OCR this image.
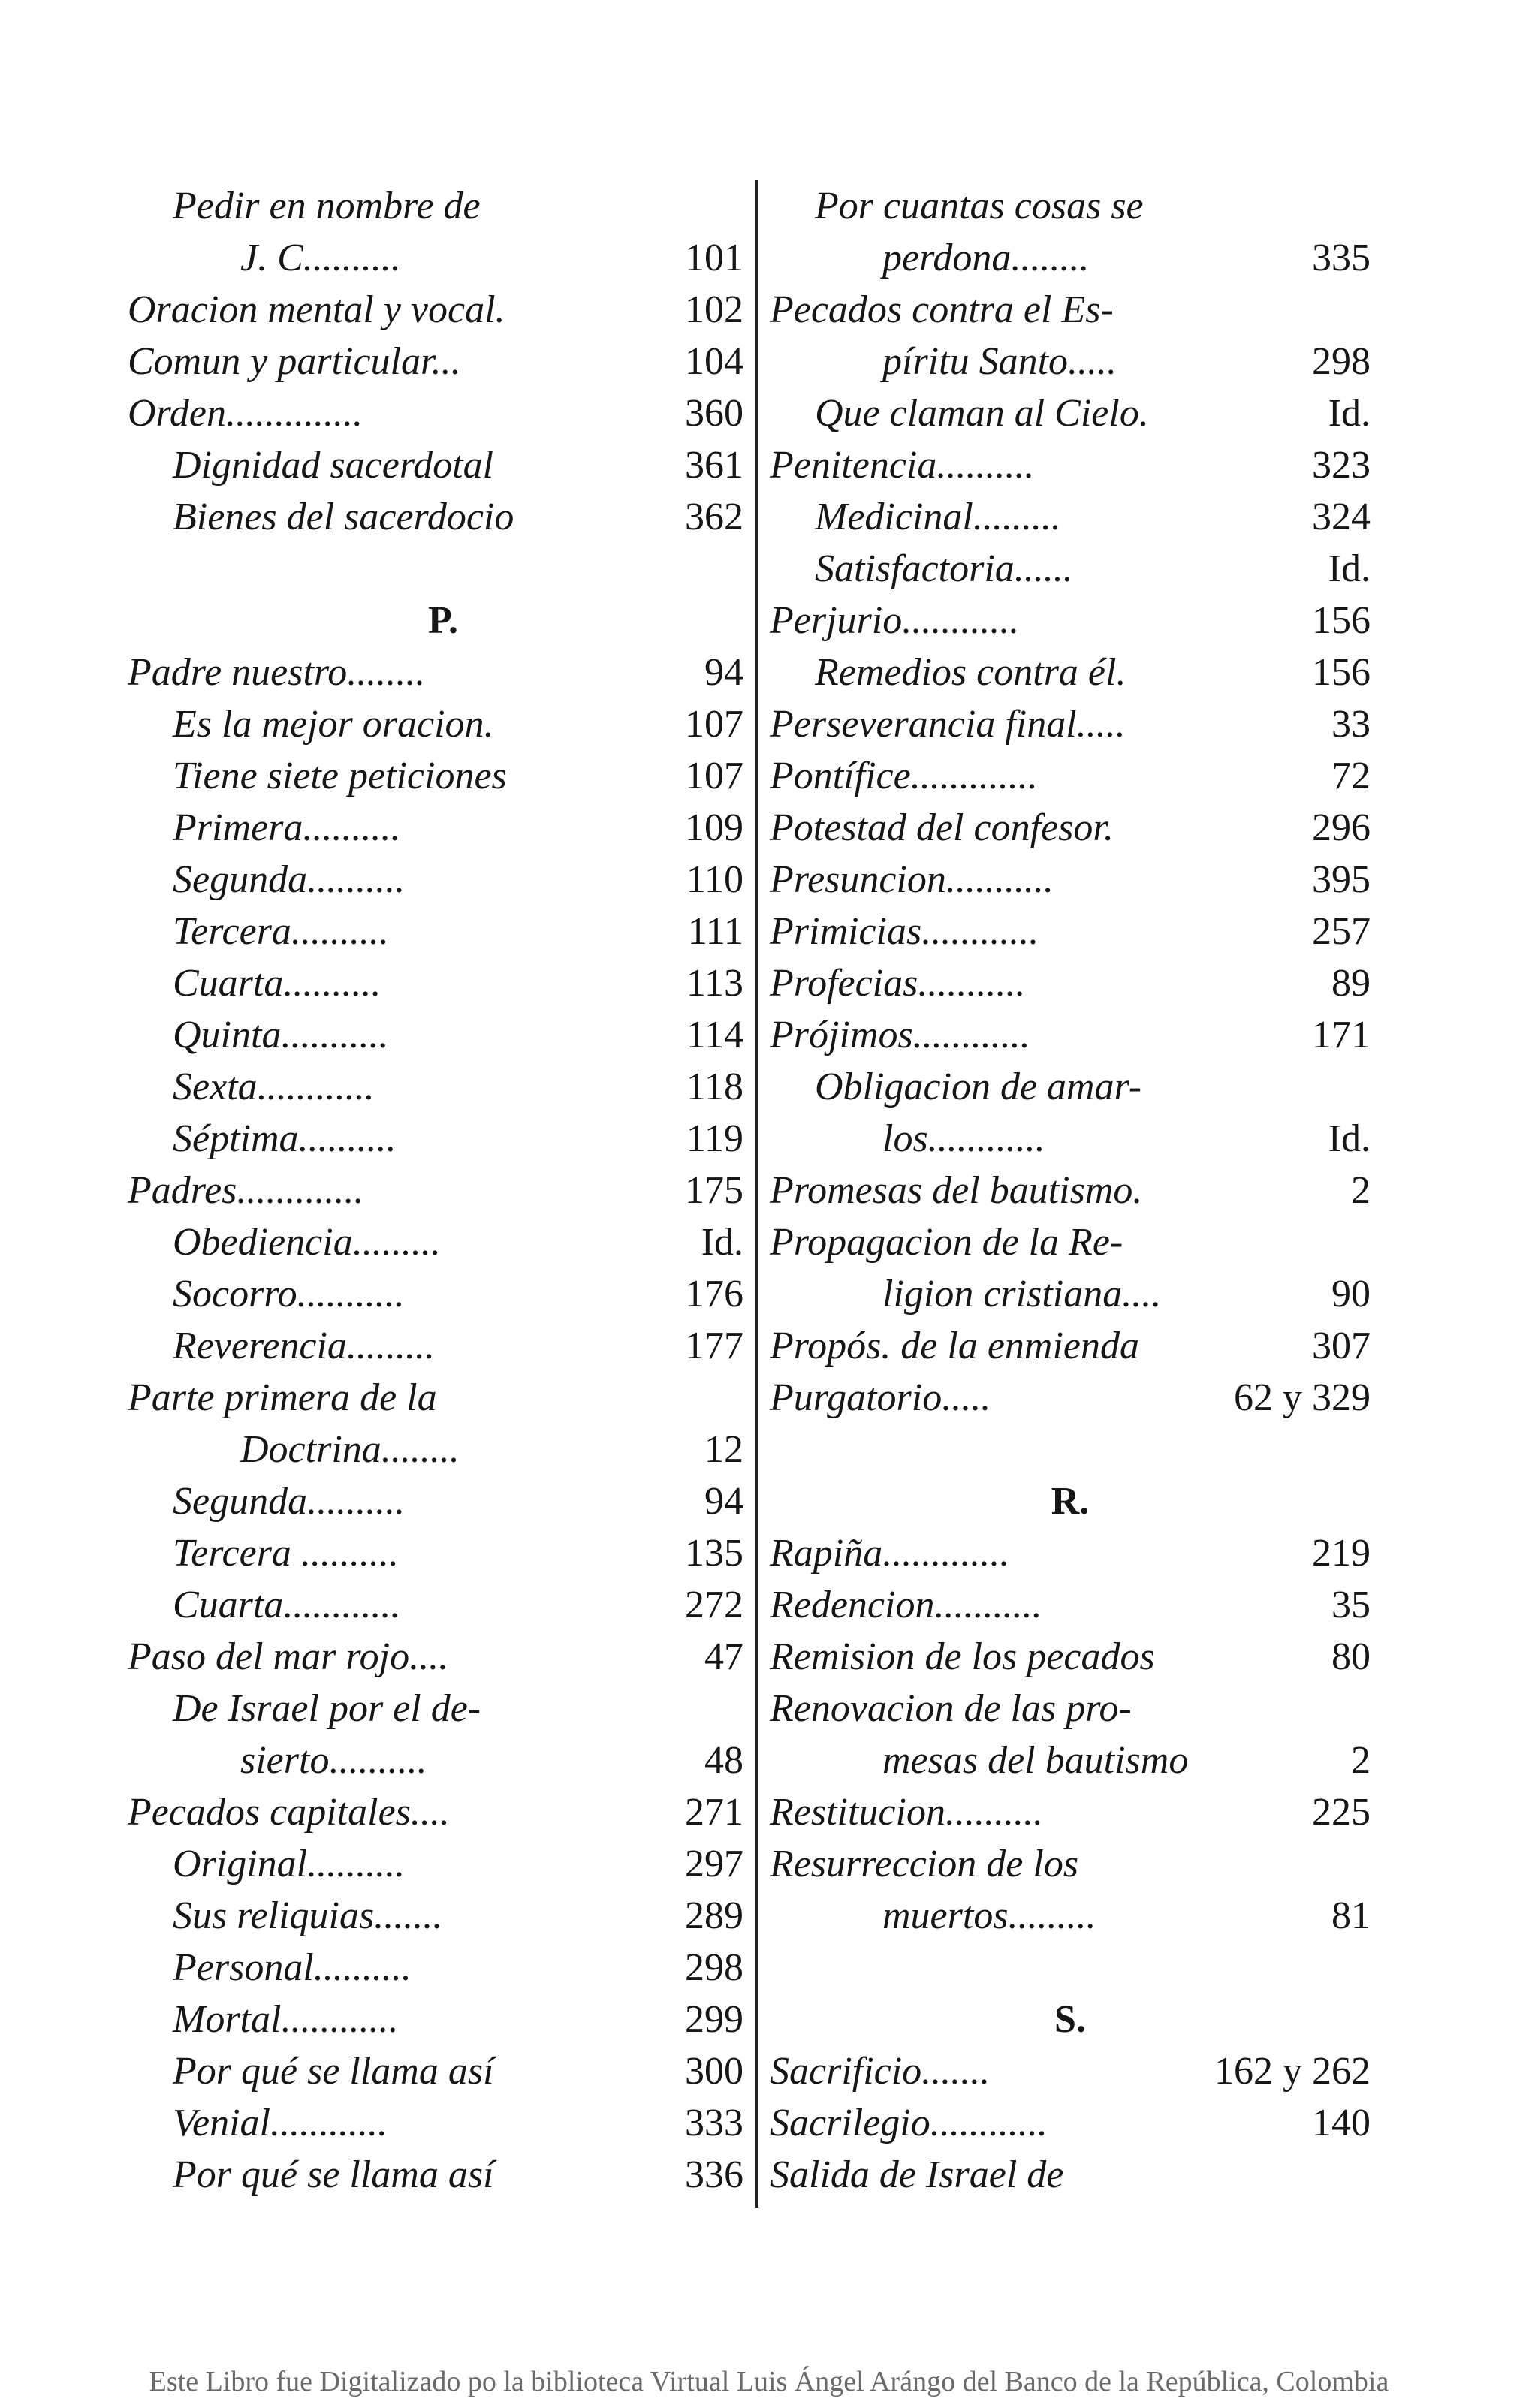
Pedir en nombre de
J. C..........	101
Oracion mental y vocal.	102
Comun y particular...	104
Orden..............	360
Dignidad sacerdotal	361
Bienes del sacerdocio	362
P.
Padre nuestro........	94
Es la mejor oracion.	107
Tiene siete peticiones	107
Primera..........	109
Segunda..........	110
Tercera..........	111
Cuarta..........	113
Quinta...........	114
Sexta............	118
Séptima..........	119
Padres.............	175
Obediencia.........	Id.
Socorro...........	176
Reverencia.........	177
Parte primera de la
Doctrina........	12
Segunda..........	94
Tercera ..........	135
Cuarta............	272
Paso del mar rojo....	47
De Israel por el de-
sierto..........	48
Pecados capitales....	271
Original..........	297
Sus reliquias.......	289
Personal..........	298
Mortal............	299
Por qué se llama así	300
Venial............	333
Por qué se llama así	336
Por cuantas cosas se
perdona........	335
Pecados contra el Es-
píritu Santo.....	298
Que claman al Cielo.	Id.
Penitencia..........	323
Medicinal.........	324
Satisfactoria......	Id.
Perjurio............	156
Remedios contra él.	156
Perseverancia final.....	33
Pontífice.............	72
Potestad del confesor.	296
Presuncion...........	395
Primicias............	257
Profecias...........	89
Prójimos............	171
Obligacion de amar-
los............	Id.
Promesas del bautismo.	2
Propagacion de la Re-
ligion cristiana....	90
Propós. de la enmienda	307
Purgatorio.....	62 y 329
R.
Rapiña.............	219
Redencion...........	35
Remision de los pecados	80
Renovacion de las pro-
mesas del bautismo	2
Restitucion..........	225
Resurreccion de los
muertos.........	81
S.
Sacrificio.......	162 y 262
Sacrilegio............	140
Salida de Israel de
Este Libro fue Digitalizado po la biblioteca Virtual Luis Ángel Arángo del Banco de la República, Colombia
